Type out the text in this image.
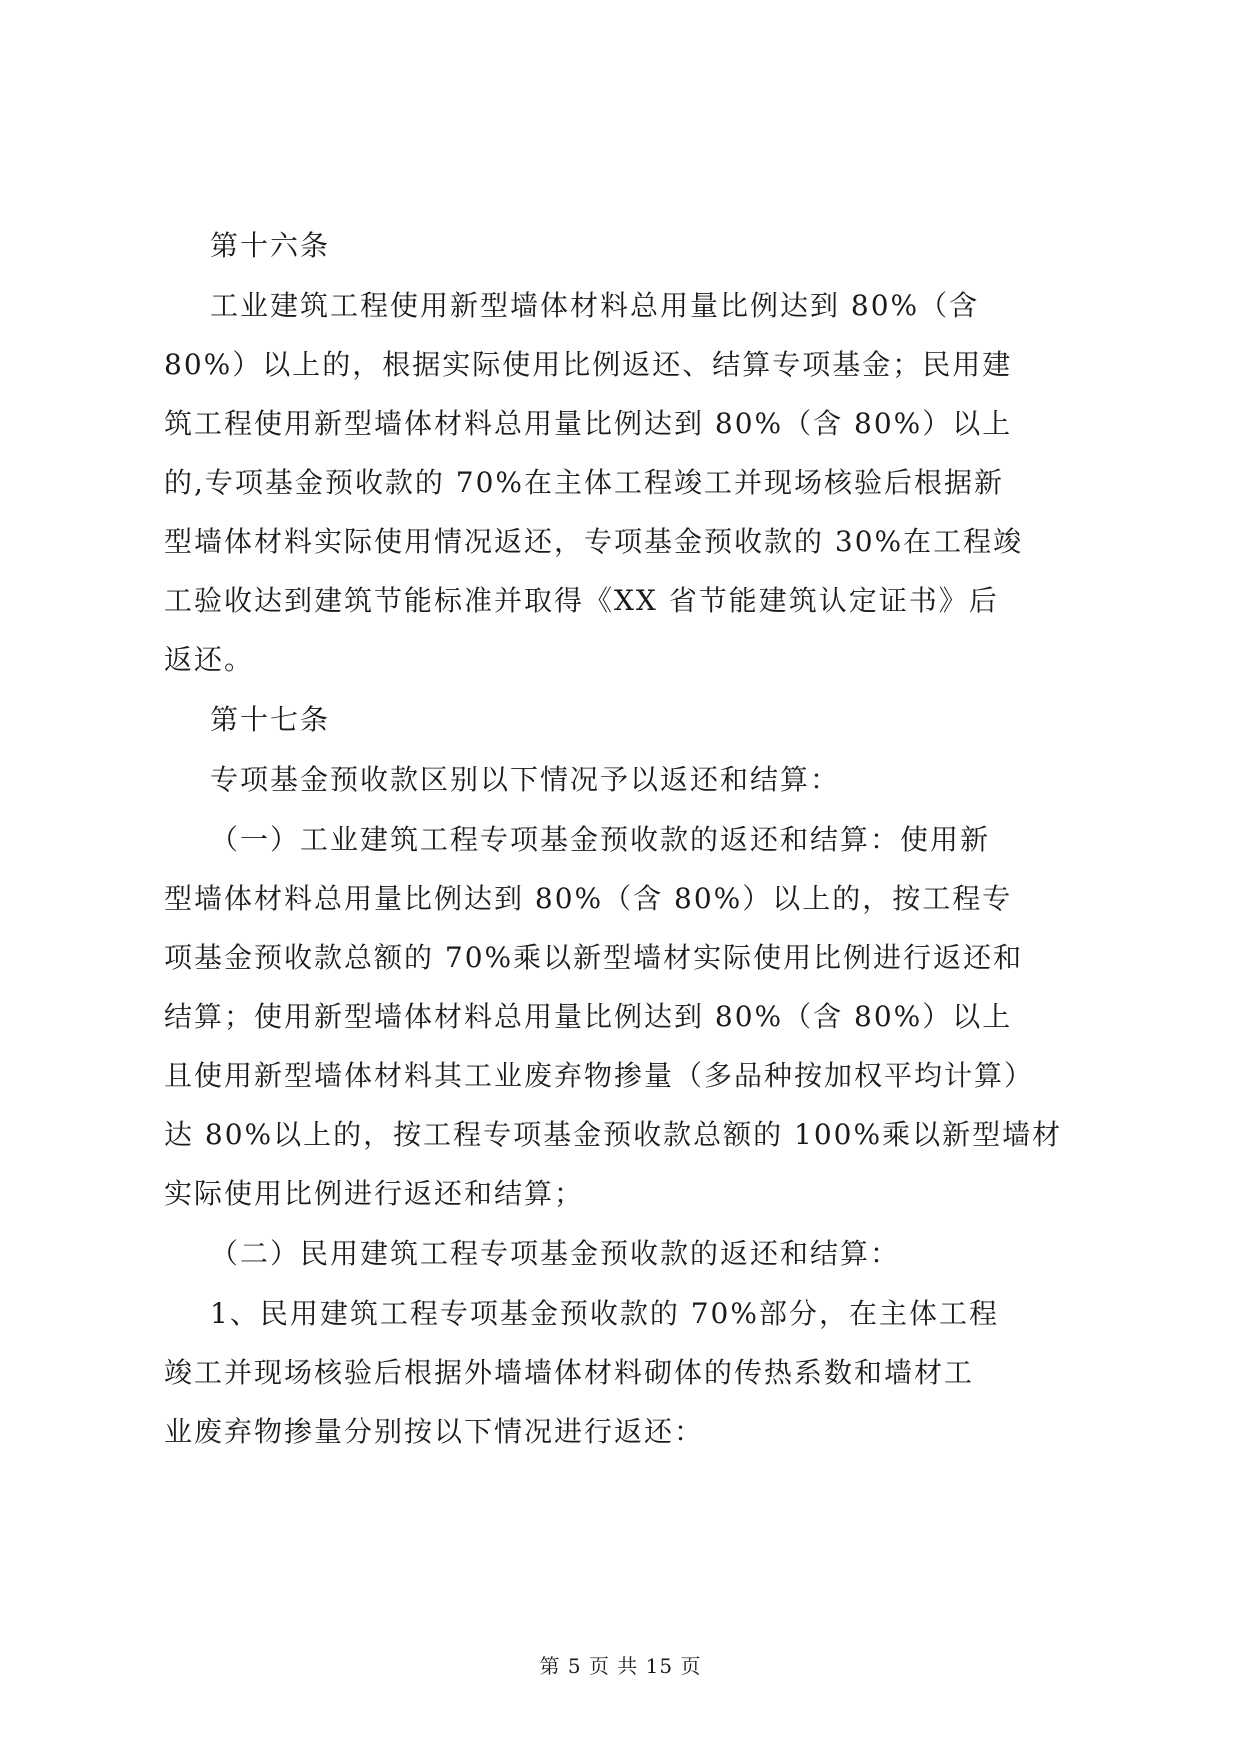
第十六条
工业建筑工程使用新型墙体材料总用量比例达到 80%（含
80%）以上的，根据实际使用比例返还、结算专项基金；民用建
筑工程使用新型墙体材料总用量比例达到 80%（含 80%）以上
的,专项基金预收款的 70%在主体工程竣工并现场核验后根据新
型墙体材料实际使用情况返还，专项基金预收款的 30%在工程竣
工验收达到建筑节能标准并取得《XX 省节能建筑认定证书》后
返还。
第十七条
专项基金预收款区别以下情况予以返还和结算：
（一）工业建筑工程专项基金预收款的返还和结算：使用新
型墙体材料总用量比例达到 80%（含 80%）以上的，按工程专
项基金预收款总额的 70%乘以新型墙材实际使用比例进行返还和
结算；使用新型墙体材料总用量比例达到 80%（含 80%）以上
且使用新型墙体材料其工业废弃物掺量（多品种按加权平均计算）
达 80%以上的，按工程专项基金预收款总额的 100%乘以新型墙材
实际使用比例进行返还和结算；
（二）民用建筑工程专项基金预收款的返还和结算：
1、民用建筑工程专项基金预收款的 70%部分，在主体工程
竣工并现场核验后根据外墙墙体材料砌体的传热系数和墙材工
业废弃物掺量分别按以下情况进行返还：
第 5 页 共 15 页
